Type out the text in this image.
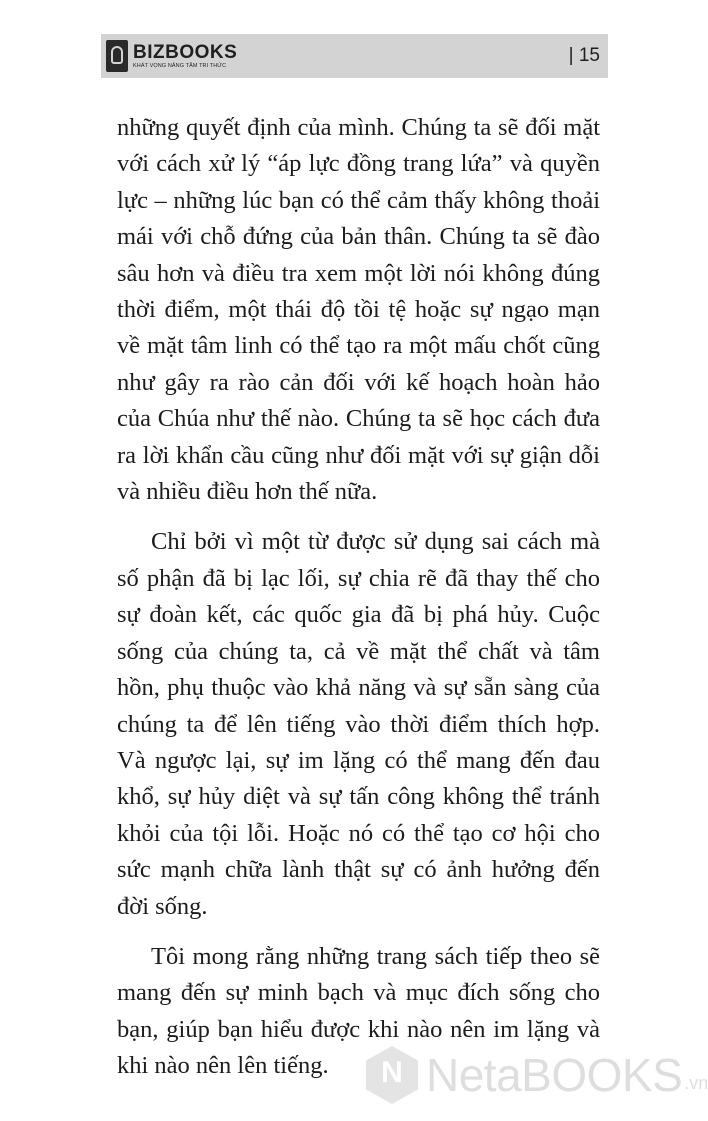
BIZBOOKS
KHÁT VỌNG NÂNG TẦM TRI THỨC	| 15

những quyết định của mình. Chúng ta sẽ đối mặt với cách xử lý “áp lực đồng trang lứa” và quyền lực – những lúc bạn có thể cảm thấy không thoải mái với chỗ đứng của bản thân. Chúng ta sẽ đào sâu hơn và điều tra xem một lời nói không đúng thời điểm, một thái độ tồi tệ hoặc sự ngạo mạn về mặt tâm linh có thể tạo ra một mấu chốt cũng như gây ra rào cản đối với kế hoạch hoàn hảo của Chúa như thế nào. Chúng ta sẽ học cách đưa ra lời khẩn cầu cũng như đối mặt với sự giận dỗi và nhiều điều hơn thế nữa.

Chỉ bởi vì một từ được sử dụng sai cách mà số phận đã bị lạc lối, sự chia rẽ đã thay thế cho sự đoàn kết, các quốc gia đã bị phá hủy. Cuộc sống của chúng ta, cả về mặt thể chất và tâm hồn, phụ thuộc vào khả năng và sự sẵn sàng của chúng ta để lên tiếng vào thời điểm thích hợp. Và ngược lại, sự im lặng có thể mang đến đau khổ, sự hủy diệt và sự tấn công không thể tránh khỏi của tội lỗi. Hoặc nó có thể tạo cơ hội cho sức mạnh chữa lành thật sự có ảnh hưởng đến đời sống.

Tôi mong rằng những trang sách tiếp theo sẽ mang đến sự minh bạch và mục đích sống cho bạn, giúp bạn hiểu được khi nào nên im lặng và khi nào nên lên tiếng.

N	NetaBOOKS .vn
